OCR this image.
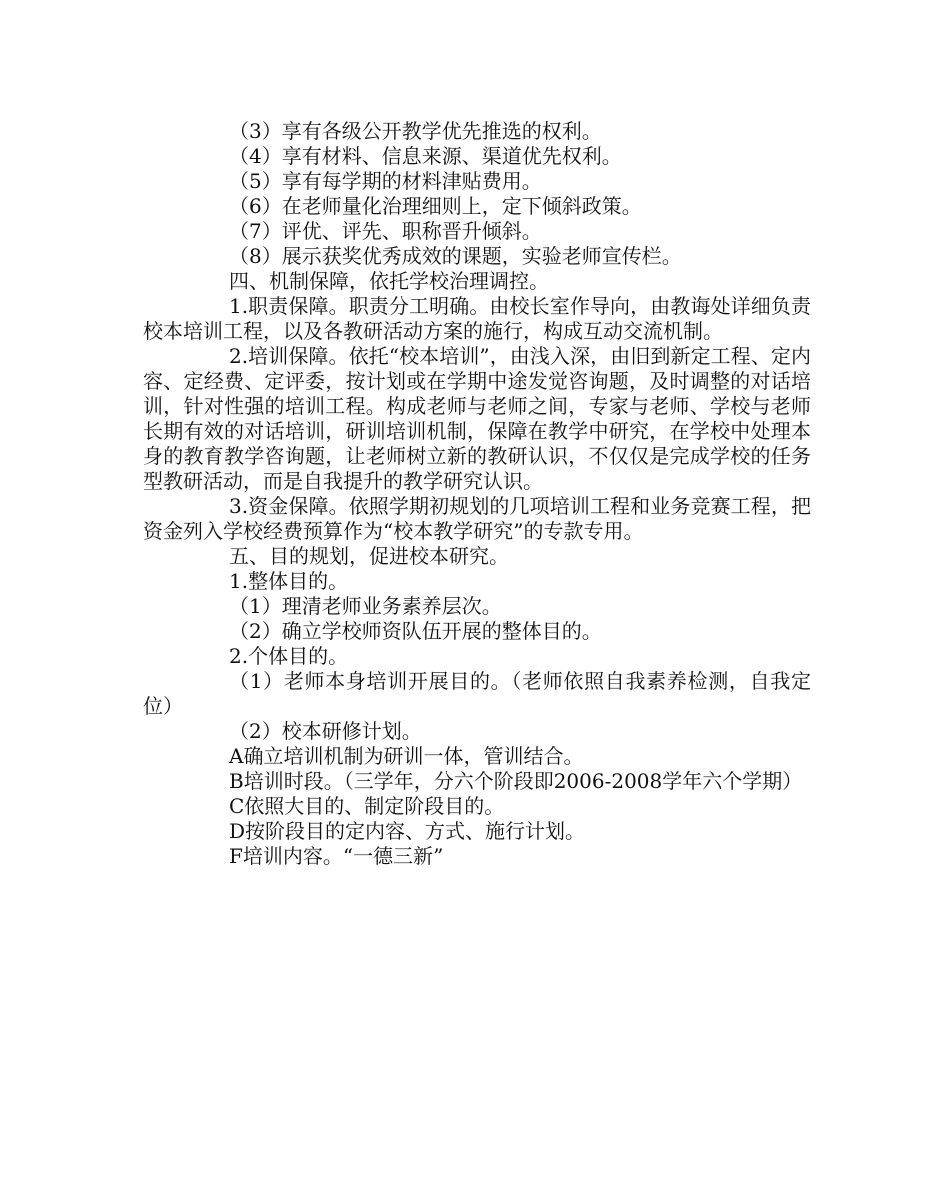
（3）享有各级公开教学优先推选的权利。

（4）享有材料、信息来源、渠道优先权利。

（5）享有每学期的材料津贴费用。

（6）在老师量化治理细则上，定下倾斜政策。

（7）评优、评先、职称晋升倾斜。

（8）展示获奖优秀成效的课题，实验老师宣传栏。

四、机制保障，依托学校治理调控。

1.职责保障。职责分工明确。由校长室作导向，由教诲处详细负责校本培训工程，以及各教研活动方案的施行，构成互动交流机制。

2.培训保障。依托“校本培训”，由浅入深，由旧到新定工程、定内容、定经费、定评委，按计划或在学期中途发觉咨询题，及时调整的对话培训，针对性强的培训工程。构成老师与老师之间，专家与老师、学校与老师长期有效的对话培训，研训培训机制，保障在教学中研究，在学校中处理本身的教育教学咨询题，让老师树立新的教研认识，不仅仅是完成学校的任务型教研活动，而是自我提升的教学研究认识。

3.资金保障。依照学期初规划的几项培训工程和业务竞赛工程，把资金列入学校经费预算作为“校本教学研究”的专款专用。

五、目的规划，促进校本研究。

1.整体目的。

（1）理清老师业务素养层次。

（2）确立学校师资队伍开展的整体目的。

2.个体目的。

（1）老师本身培训开展目的。（老师依照自我素养检测，自我定位）

（2）校本研修计划。

A确立培训机制为研训一体，管训结合。

B培训时段。（三学年，分六个阶段即2006-2008学年六个学期）

C依照大目的、制定阶段目的。

D按阶段目的定内容、方式、施行计划。

F培训内容。“一德三新”
